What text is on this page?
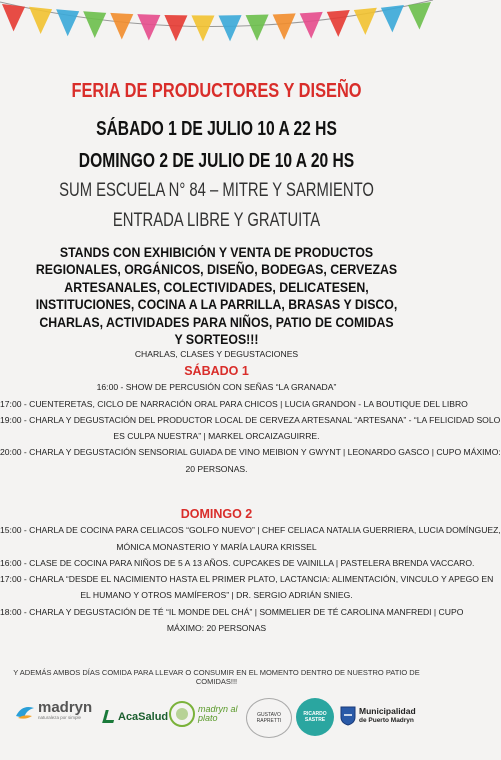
FERIA DE PRODUCTORES Y DISEÑO
SÁBADO 1 DE JULIO 10 A 22 HS
DOMINGO 2 DE JULIO DE 10 A 20 HS
SUM ESCUELA N° 84 – MITRE Y SARMIENTO
ENTRADA LIBRE Y GRATUITA
STANDS CON EXHIBICIÓN Y VENTA DE PRODUCTOS REGIONALES, ORGÁNICOS, DISEÑO, BODEGAS, CERVEZAS ARTESANALES, COLECTIVIDADES, DELICATESEN, INSTITUCIONES, COCINA A LA PARRILLA, BRASAS Y DISCO, CHARLAS, ACTIVIDADES PARA NIÑOS, PATIO DE COMIDAS Y SORTEOS!!!
CHARLAS, CLASES Y DEGUSTACIONES
SÁBADO 1
16:00 - SHOW DE PERCUSIÓN CON SEÑAS “LA GRANADA”
17:00 - CUENTERETAS, CICLO DE NARRACIÓN ORAL PARA CHICOS | LUCIA GRANDON - LA BOUTIQUE DEL LIBRO
19:00 - CHARLA Y DEGUSTACIÓN DEL PRODUCTOR LOCAL DE CERVEZA ARTESANAL “ARTESANA” - “LA FELICIDAD SOLO
ES CULPA NUESTRA” | MARKEL ORCAIZAGUIRRE.
20:00 - CHARLA Y DEGUSTACIÓN SENSORIAL GUIADA DE VINO MEIBION Y GWYNT | LEONARDO GASCO | CUPO MÁXIMO:
20 PERSONAS.
DOMINGO 2
15:00 - CHARLA DE COCINA PARA CELIACOS “GOLFO NUEVO” | CHEF CELIACA NATALIA GUERRIERA, LUCIA DOMÍNGUEZ,
MÓNICA MONASTERIO Y MARÍA LAURA KRISSEL
16:00 - CLASE DE COCINA PARA NIÑOS DE 5 A 13 AÑOS. CUPCAKES DE VAINILLA | PASTELERA BRENDA VACCARO.
17:00 - CHARLA “DESDE EL NACIMIENTO HASTA EL PRIMER PLATO, LACTANCIA: ALIMENTACIÓN, VINCULO Y APEGO EN
EL HUMANO Y OTROS MAMÍFEROS” | DR. SERGIO ADRIÁN SNIEG.
18:00 - CHARLA Y DEGUSTACIÓN DE TÉ “IL MONDE DEL CHÁ” | SOMMELIER DE TÉ CAROLINA MANFREDI | CUPO
MÁXIMO: 20 PERSONAS
Y ADEMÁS AMBOS DÍAS COMIDA PARA LLEVAR O CONSUMIR EN EL MOMENTO DENTRO DE NUESTRO PATIO DE COMIDAS!!!
madryn
naturaleza por simple	AcaSalud
madryn al plato	GUSTAVO RAPRETTI
RICARDO SASTRE
Municipalidad
de Puerto Madryn
